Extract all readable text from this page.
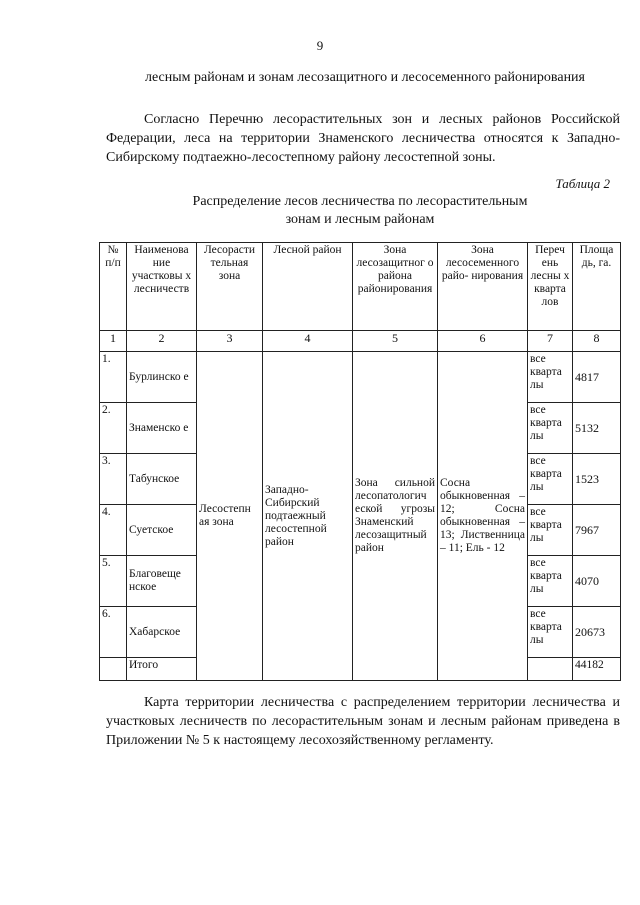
9
лесным районам и зонам лесозащитного и лесосеменного районирования
Согласно Перечню лесорастительных зон и лесных районов Российской Федерации, леса на территории Знаменского лесничества относятся к Западно-Сибирскому подтаежно-лесостепному району лесостепной зоны.
Таблица 2
Распределение лесов лесничества по лесорастительным
зонам и лесным районам
№ п/п	Наименова ние участковы х лесничеств	Лесорасти тельная зона	Лесной район	Зона лесозащитног о района районирования	Зона лесосеменного райо- нирования	Переч ень лесны х кварта лов	Площа дь, га.
1	2	3	4	5	6	7	8
1.	Бурлинско е	Лесостепн ая зона	Западно-Сибирский подтаежный лесостепной район	Зона сильной лесопатологич еской угрозы Знаменский лесозащитный район	Сосна обыкновенная – 12; Сосна обыкновенная – 13; Лиственница – 11; Ель - 12	все кварта лы	4817
2.	Знаменско е					все кварта лы	5132
3.	Табунское					все кварта лы	1523
4.	Суетское					все кварта лы	7967
5.	Благовеще нское					все кварта лы	4070
6.	Хабарское					все кварта лы	20673
	Итого						44182
Карта территории лесничества с распределением территории лесничества и участковых лесничеств по лесорастительным зонам и лесным районам приведена в Приложении № 5 к настоящему лесохозяйственному регламенту.
